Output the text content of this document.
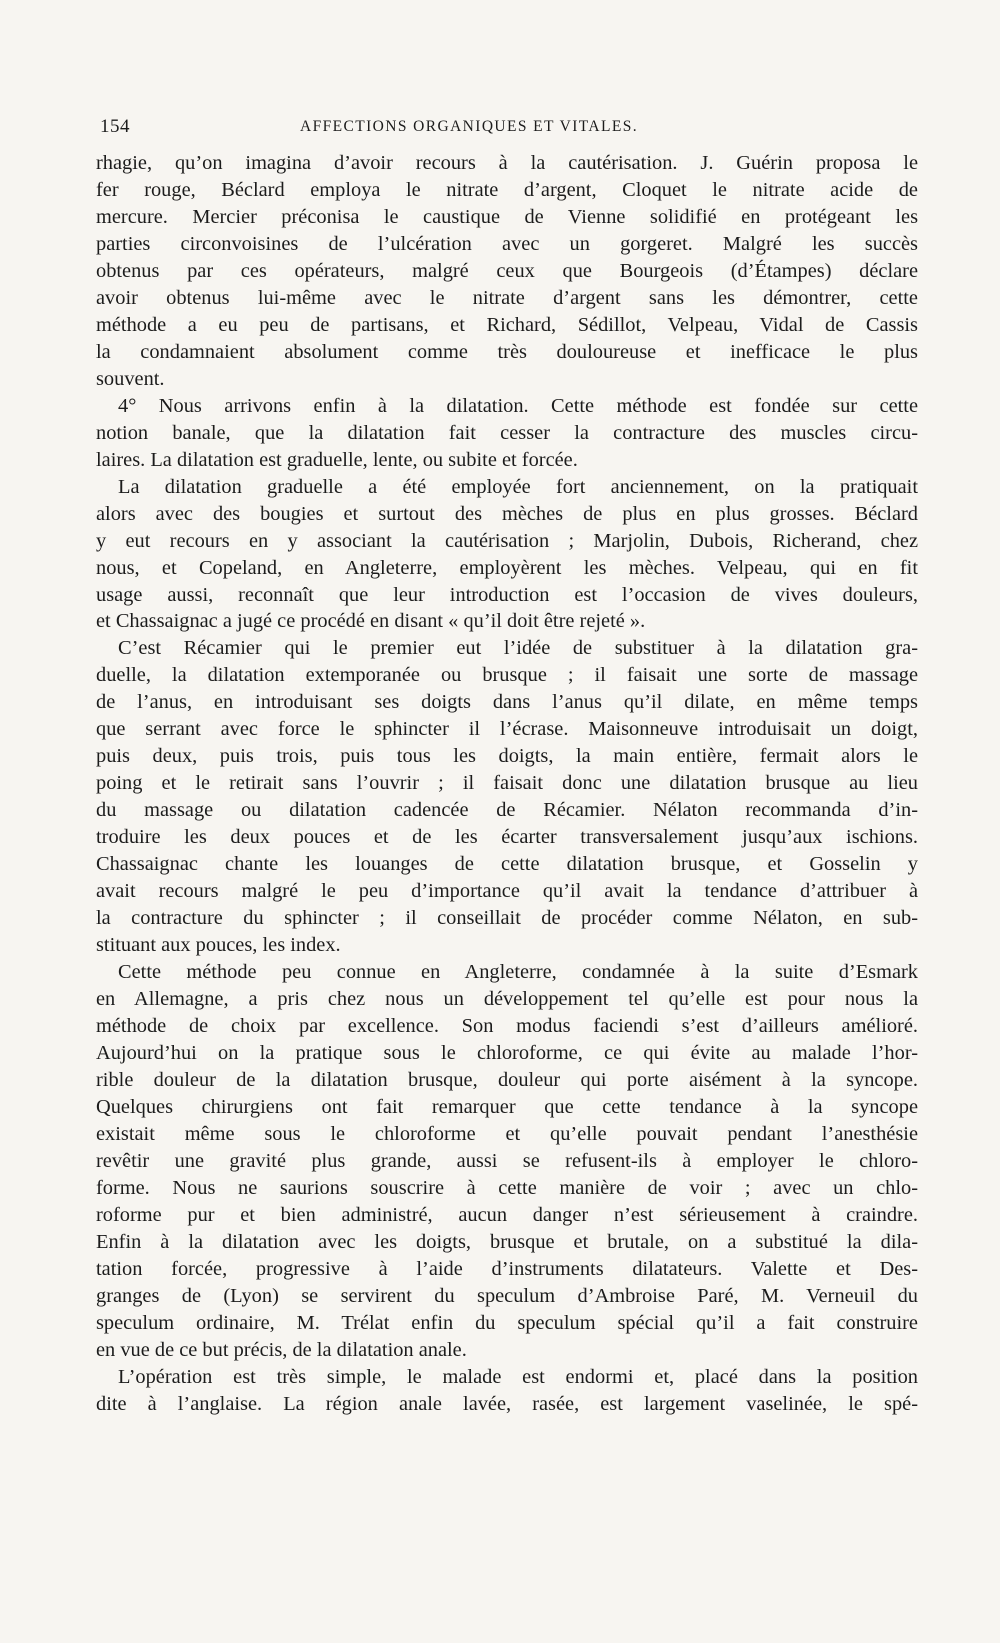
154	AFFECTIONS ORGANIQUES ET VITALES.
rhagie, qu’on imagina d’avoir recours à la cautérisation. J. Guérin proposa le
fer rouge, Béclard employa le nitrate d’argent, Cloquet le nitrate acide de
mercure. Mercier préconisa le caustique de Vienne solidifié en protégeant les
parties circonvoisines de l’ulcération avec un gorgeret. Malgré les succès
obtenus par ces opérateurs, malgré ceux que Bourgeois (d’Étampes) déclare
avoir obtenus lui-même avec le nitrate d’argent sans les démontrer, cette
méthode a eu peu de partisans, et Richard, Sédillot, Velpeau, Vidal de Cassis
la condamnaient absolument comme très douloureuse et inefficace le plus
souvent.
4° Nous arrivons enfin à la dilatation. Cette méthode est fondée sur cette
notion banale, que la dilatation fait cesser la contracture des muscles circu-
laires. La dilatation est graduelle, lente, ou subite et forcée.
La dilatation graduelle a été employée fort anciennement, on la pratiquait
alors avec des bougies et surtout des mèches de plus en plus grosses. Béclard
y eut recours en y associant la cautérisation ; Marjolin, Dubois, Richerand, chez
nous, et Copeland, en Angleterre, employèrent les mèches. Velpeau, qui en fit
usage aussi, reconnaît que leur introduction est l’occasion de vives douleurs,
et Chassaignac a jugé ce procédé en disant « qu’il doit être rejeté ».
C’est Récamier qui le premier eut l’idée de substituer à la dilatation gra-
duelle, la dilatation extemporanée ou brusque ; il faisait une sorte de massage
de l’anus, en introduisant ses doigts dans l’anus qu’il dilate, en même temps
que serrant avec force le sphincter il l’écrase. Maisonneuve introduisait un doigt,
puis deux, puis trois, puis tous les doigts, la main entière, fermait alors le
poing et le retirait sans l’ouvrir ; il faisait donc une dilatation brusque au lieu
du massage ou dilatation cadencée de Récamier. Nélaton recommanda d’in-
troduire les deux pouces et de les écarter transversalement jusqu’aux ischions.
Chassaignac chante les louanges de cette dilatation brusque, et Gosselin y
avait recours malgré le peu d’importance qu’il avait la tendance d’attribuer à
la contracture du sphincter ; il conseillait de procéder comme Nélaton, en sub-
stituant aux pouces, les index.
Cette méthode peu connue en Angleterre, condamnée à la suite d’Esmark
en Allemagne, a pris chez nous un développement tel qu’elle est pour nous la
méthode de choix par excellence. Son modus faciendi s’est d’ailleurs amélioré.
Aujourd’hui on la pratique sous le chloroforme, ce qui évite au malade l’hor-
rible douleur de la dilatation brusque, douleur qui porte aisément à la syncope.
Quelques chirurgiens ont fait remarquer que cette tendance à la syncope
existait même sous le chloroforme et qu’elle pouvait pendant l’anesthésie
revêtir une gravité plus grande, aussi se refusent-ils à employer le chloro-
forme. Nous ne saurions souscrire à cette manière de voir ; avec un chlo-
roforme pur et bien administré, aucun danger n’est sérieusement à craindre.
Enfin à la dilatation avec les doigts, brusque et brutale, on a substitué la dila-
tation forcée, progressive à l’aide d’instruments dilatateurs. Valette et Des-
granges de (Lyon) se servirent du speculum d’Ambroise Paré, M. Verneuil du
speculum ordinaire, M. Trélat enfin du speculum spécial qu’il a fait construire
en vue de ce but précis, de la dilatation anale.
L’opération est très simple, le malade est endormi et, placé dans la position
dite à l’anglaise. La région anale lavée, rasée, est largement vaselinée, le spé-
